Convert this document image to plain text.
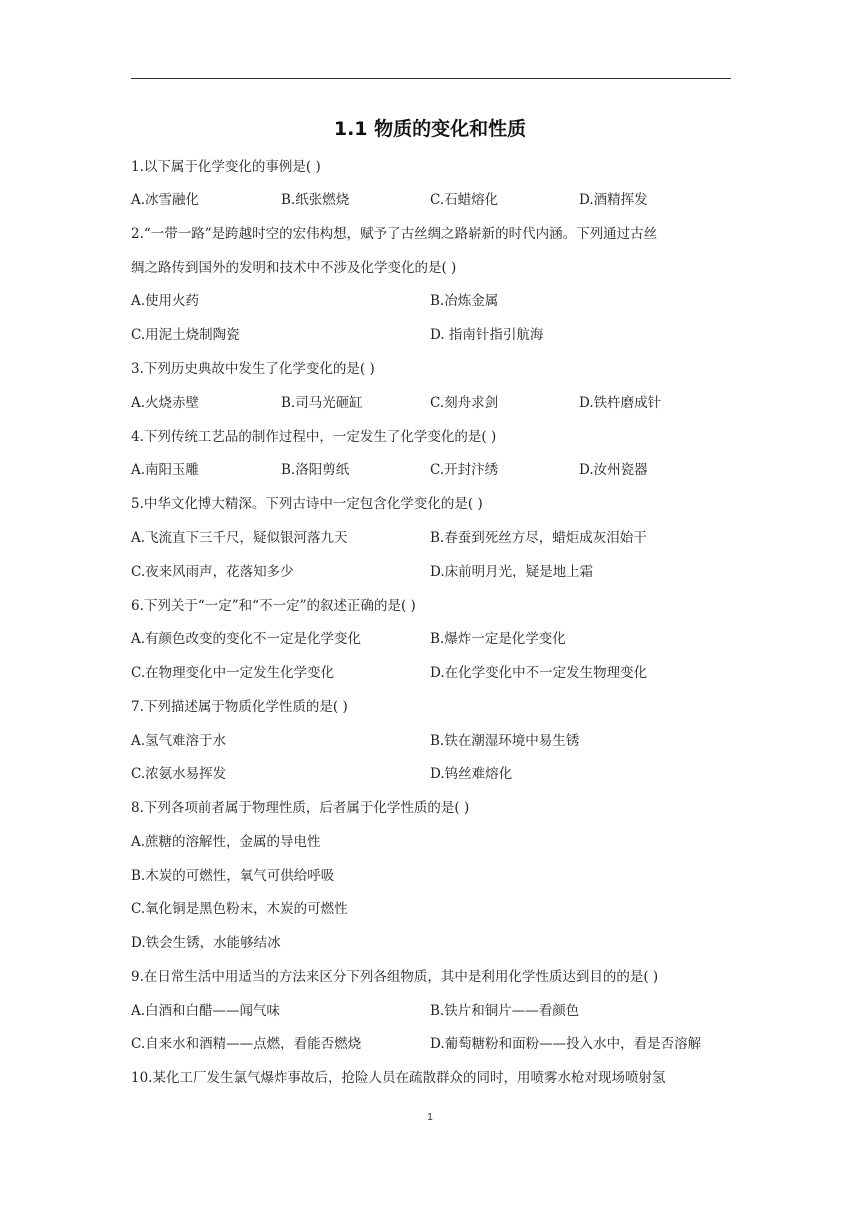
1.1 物质的变化和性质
1.以下属于化学变化的事例是( )
A.冰雪融化	B.纸张燃烧	C.石蜡熔化	D.酒精挥发
2.“一带一路”是跨越时空的宏伟构想，赋予了古丝绸之路崭新的时代内涵。下列通过古丝
绸之路传到国外的发明和技术中不涉及化学变化的是( )
A.使用火药	B.冶炼金属
C.用泥土烧制陶瓷	D. 指南针指引航海
3.下列历史典故中发生了化学变化的是( )
A.火烧赤壁	B.司马光砸缸	C.刻舟求剑	D.铁杵磨成针
4.下列传统工艺品的制作过程中，一定发生了化学变化的是( )
A.南阳玉雕	B.洛阳剪纸	C.开封汴绣	D.汝州瓷器
5.中华文化博大精深。下列古诗中一定包含化学变化的是( )
A.飞流直下三千尺，疑似银河落九天	B.春蚕到死丝方尽，蜡炬成灰泪始干
C.夜来风雨声，花落知多少	D.床前明月光，疑是地上霜
6.下列关于“一定”和“不一定”的叙述正确的是( )
A.有颜色改变的变化不一定是化学变化	B.爆炸一定是化学变化
C.在物理变化中一定发生化学变化	D.在化学变化中不一定发生物理变化
7.下列描述属于物质化学性质的是( )
A.氢气难溶于水	B.铁在潮湿环境中易生锈
C.浓氨水易挥发	D.钨丝难熔化
8.下列各项前者属于物理性质，后者属于化学性质的是( )
A.蔗糖的溶解性，金属的导电性
B.木炭的可燃性，氧气可供给呼吸
C.氧化铜是黑色粉末，木炭的可燃性
D.铁会生锈，水能够结冰
9.在日常生活中用适当的方法来区分下列各组物质，其中是利用化学性质达到目的的是( )
A.白酒和白醋——闻气味	B.铁片和铜片——看颜色
C.自来水和酒精——点燃，看能否燃烧	D.葡萄糖粉和面粉——投入水中，看是否溶解
10.某化工厂发生氯气爆炸事故后，抢险人员在疏散群众的同时，用喷雾水枪对现场喷射氢
1
